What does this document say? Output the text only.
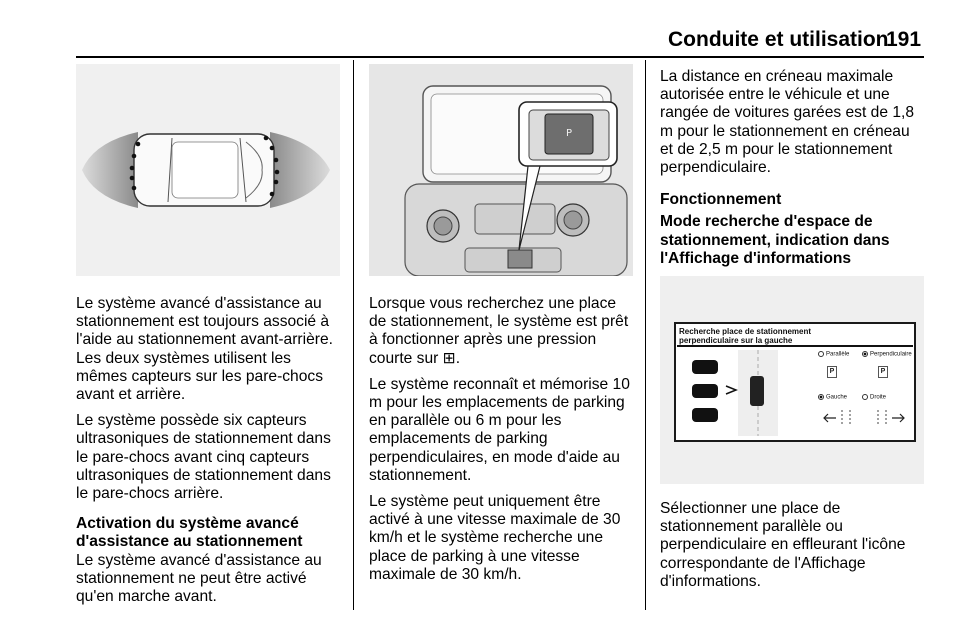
Conduite et utilisation
191
P
Recherche place de stationnement
perpendiculaire sur la gauche
Parallèle	Perpendiculaire
P	P
Gauche	Droite

Le système avancé d'assistance au stationnement est toujours associé à l'aide au stationnement avant-arrière. Les deux systèmes utilisent les mêmes capteurs sur les pare-chocs avant et arrière.

Le système possède six capteurs ultrasoniques de stationnement dans le pare-chocs avant cinq capteurs ultrasoniques de stationnement dans le pare-chocs arrière.

Activation du système avancé d'assistance au stationnement

Le système avancé d'assistance au stationnement ne peut être activé qu'en marche avant.

Lorsque vous recherchez une place de stationnement, le système est prêt à fonctionner après une pression courte sur ⊞.

Le système reconnaît et mémorise 10 m pour les emplacements de parking en parallèle ou 6 m pour les emplacements de parking perpendiculaires, en mode d'aide au stationnement.

Le système peut uniquement être activé à une vitesse maximale de 30 km/h et le système recherche une place de parking à une vitesse maximale de 30 km/h.

La distance en créneau maximale autorisée entre le véhicule et une rangée de voitures garées est de 1,8 m pour le stationnement en créneau et de 2,5 m pour le stationnement perpendiculaire.

Fonctionnement
Mode recherche d'espace de stationnement, indication dans l'Affichage d'informations

Sélectionner une place de stationnement parallèle ou perpendiculaire en effleurant l'icône correspondante de l'Affichage d'informations.
